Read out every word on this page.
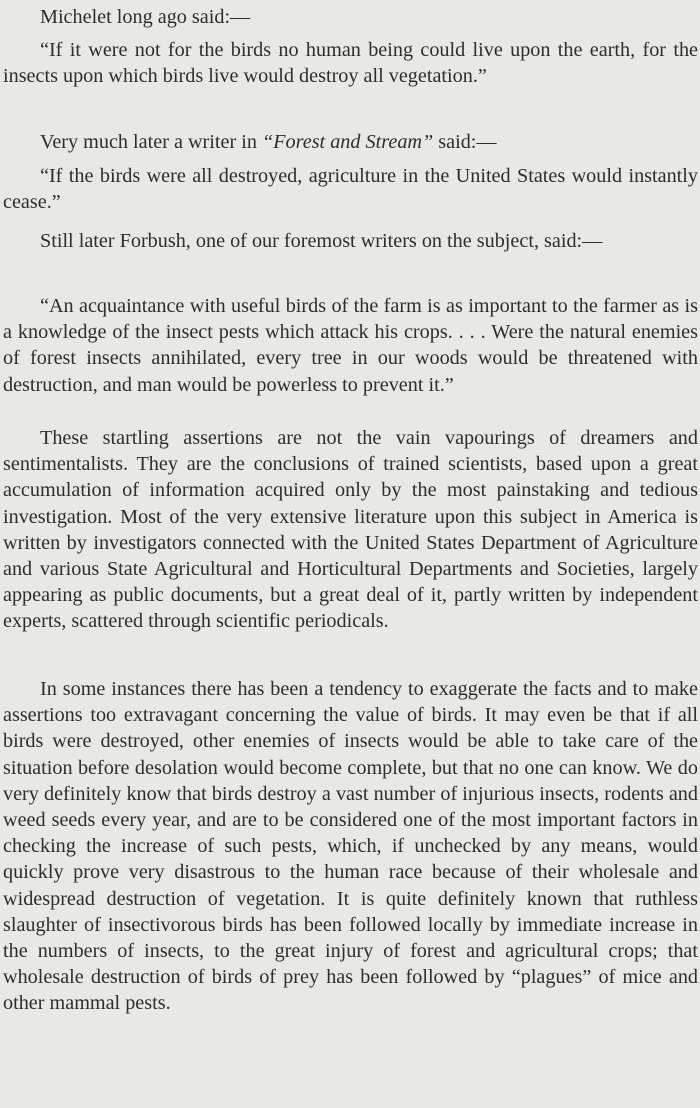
Michelet long ago said:—

“If it were not for the birds no human being could live upon the earth, for the insects upon which birds live would destroy all vegetation.”

Very much later a writer in “Forest and Stream” said:—

“If the birds were all destroyed, agriculture in the United States would instantly cease.”

Still later Forbush, one of our foremost writers on the subject, said:—

“An acquaintance with useful birds of the farm is as important to the farmer as is a knowledge of the insect pests which attack his crops. . . . Were the natural enemies of forest insects annihilated, every tree in our woods would be threatened with destruction, and man would be powerless to prevent it.”

These startling assertions are not the vain vapourings of dreamers and sentimentalists. They are the conclusions of trained scientists, based upon a great accumulation of information acquired only by the most painstaking and tedious investigation. Most of the very extensive literature upon this subject in America is written by investigators connected with the United States Department of Agriculture and various State Agricultural and Horticultural Departments and Societies, largely appearing as public documents, but a great deal of it, partly written by independent experts, scattered through scientific periodicals.

In some instances there has been a tendency to exaggerate the facts and to make assertions too extravagant concerning the value of birds. It may even be that if all birds were destroyed, other enemies of insects would be able to take care of the situation before desolation would become complete, but that no one can know. We do very definitely know that birds destroy a vast number of injurious insects, rodents and weed seeds every year, and are to be considered one of the most important factors in checking the increase of such pests, which, if unchecked by any means, would quickly prove very disastrous to the human race because of their wholesale and widespread destruction of vegetation. It is quite definitely known that ruthless slaughter of insectivorous birds has been followed locally by immediate increase in the numbers of insects, to the great injury of forest and agricultural crops; that wholesale destruction of birds of prey has been followed by “plagues” of mice and other mammal pests.
